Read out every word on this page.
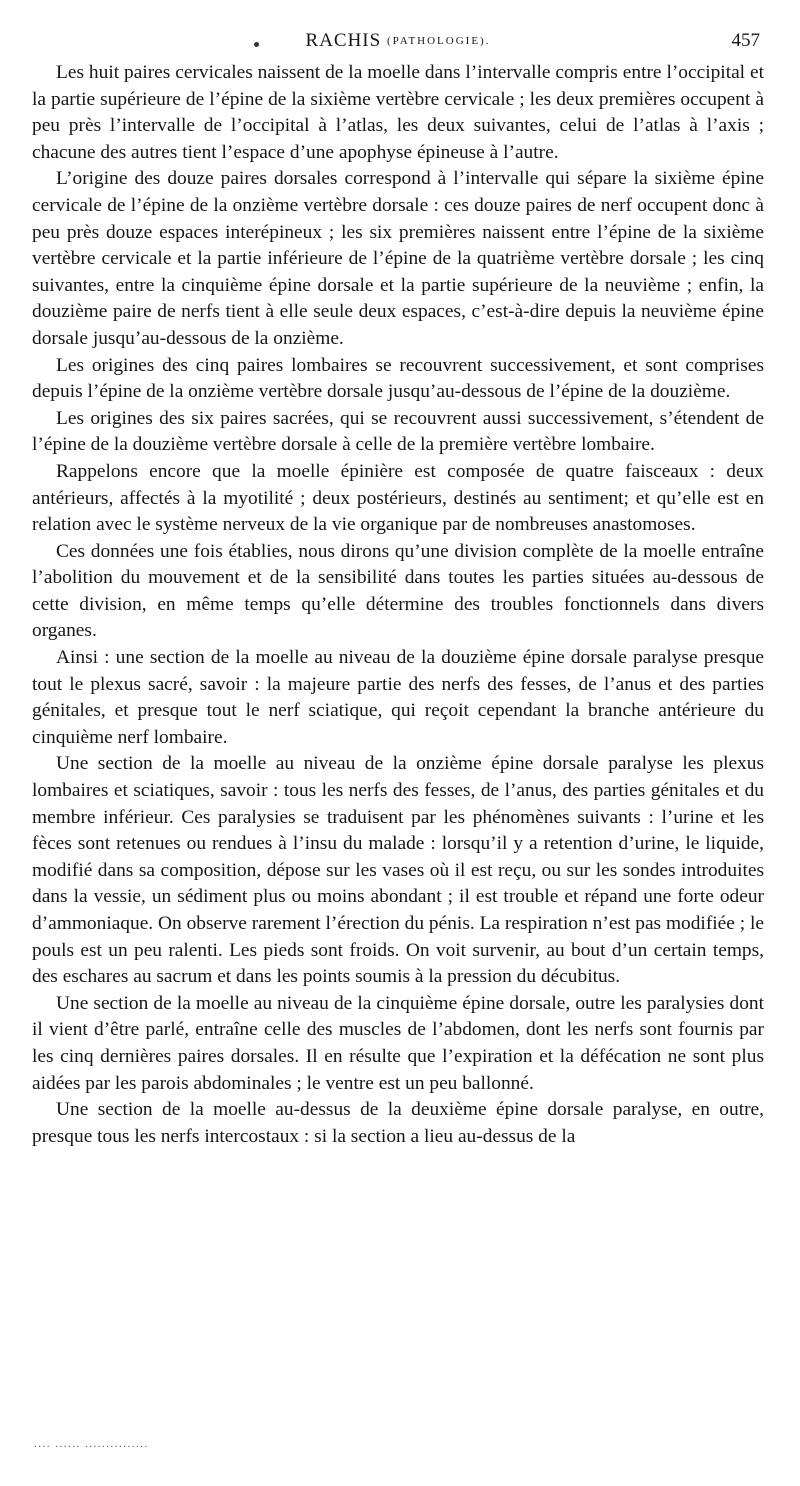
RACHIS (PATHOLOGIE).	457

Les huit paires cervicales naissent de la moelle dans l’intervalle compris entre l’occipital et la partie supérieure de l’épine de la sixième vertèbre cervicale ; les deux premières occupent à peu près l’intervalle de l’occipital à l’atlas, les deux suivantes, celui de l’atlas à l’axis ; chacune des autres tient l’espace d’une apophyse épineuse à l’autre.

L’origine des douze paires dorsales correspond à l’intervalle qui sépare la sixième épine cervicale de l’épine de la onzième vertèbre dorsale : ces douze paires de nerf occupent donc à peu près douze espaces interépineux ; les six premières naissent entre l’épine de la sixième vertèbre cervicale et la partie inférieure de l’épine de la quatrième vertèbre dorsale ; les cinq suivantes, entre la cinquième épine dorsale et la partie supérieure de la neuvième ; enfin, la douzième paire de nerfs tient à elle seule deux espaces, c’est-à-dire depuis la neuvième épine dorsale jusqu’au-dessous de la onzième.

Les origines des cinq paires lombaires se recouvrent successivement, et sont comprises depuis l’épine de la onzième vertèbre dorsale jusqu’au-dessous de l’épine de la douzième.

Les origines des six paires sacrées, qui se recouvrent aussi successivement, s’étendent de l’épine de la douzième vertèbre dorsale à celle de la première vertèbre lombaire.

Rappelons encore que la moelle épinière est composée de quatre faisceaux : deux antérieurs, affectés à la myotilité ; deux postérieurs, destinés au sentiment; et qu’elle est en relation avec le système nerveux de la vie organique par de nombreuses anastomoses.

Ces données une fois établies, nous dirons qu’une division complète de la moelle entraîne l’abolition du mouvement et de la sensibilité dans toutes les parties situées au-dessous de cette division, en même temps qu’elle détermine des troubles fonctionnels dans divers organes.

Ainsi : une section de la moelle au niveau de la douzième épine dorsale paralyse presque tout le plexus sacré, savoir : la majeure partie des nerfs des fesses, de l’anus et des parties génitales, et presque tout le nerf sciatique, qui reçoit cependant la branche antérieure du cinquième nerf lombaire.

Une section de la moelle au niveau de la onzième épine dorsale paralyse les plexus lombaires et sciatiques, savoir : tous les nerfs des fesses, de l’anus, des parties génitales et du membre inférieur. Ces paralysies se traduisent par les phénomènes suivants : l’urine et les fèces sont retenues ou rendues à l’insu du malade : lorsqu’il y a retention d’urine, le liquide, modifié dans sa composition, dépose sur les vases où il est reçu, ou sur les sondes introduites dans la vessie, un sédiment plus ou moins abondant ; il est trouble et répand une forte odeur d’ammoniaque. On observe rarement l’érection du pénis. La respiration n’est pas modifiée ; le pouls est un peu ralenti. Les pieds sont froids. On voit survenir, au bout d’un certain temps, des eschares au sacrum et dans les points soumis à la pression du décubitus.

Une section de la moelle au niveau de la cinquième épine dorsale, outre les paralysies dont il vient d’être parlé, entraîne celle des muscles de l’abdomen, dont les nerfs sont fournis par les cinq dernières paires dorsales. Il en résulte que l’expiration et la défécation ne sont plus aidées par les parois abdominales ; le ventre est un peu ballonné.

Une section de la moelle au-dessus de la deuxième épine dorsale paralyse, en outre, presque tous les nerfs intercostaux : si la section a lieu au-dessus de la

.... ...... ...............
